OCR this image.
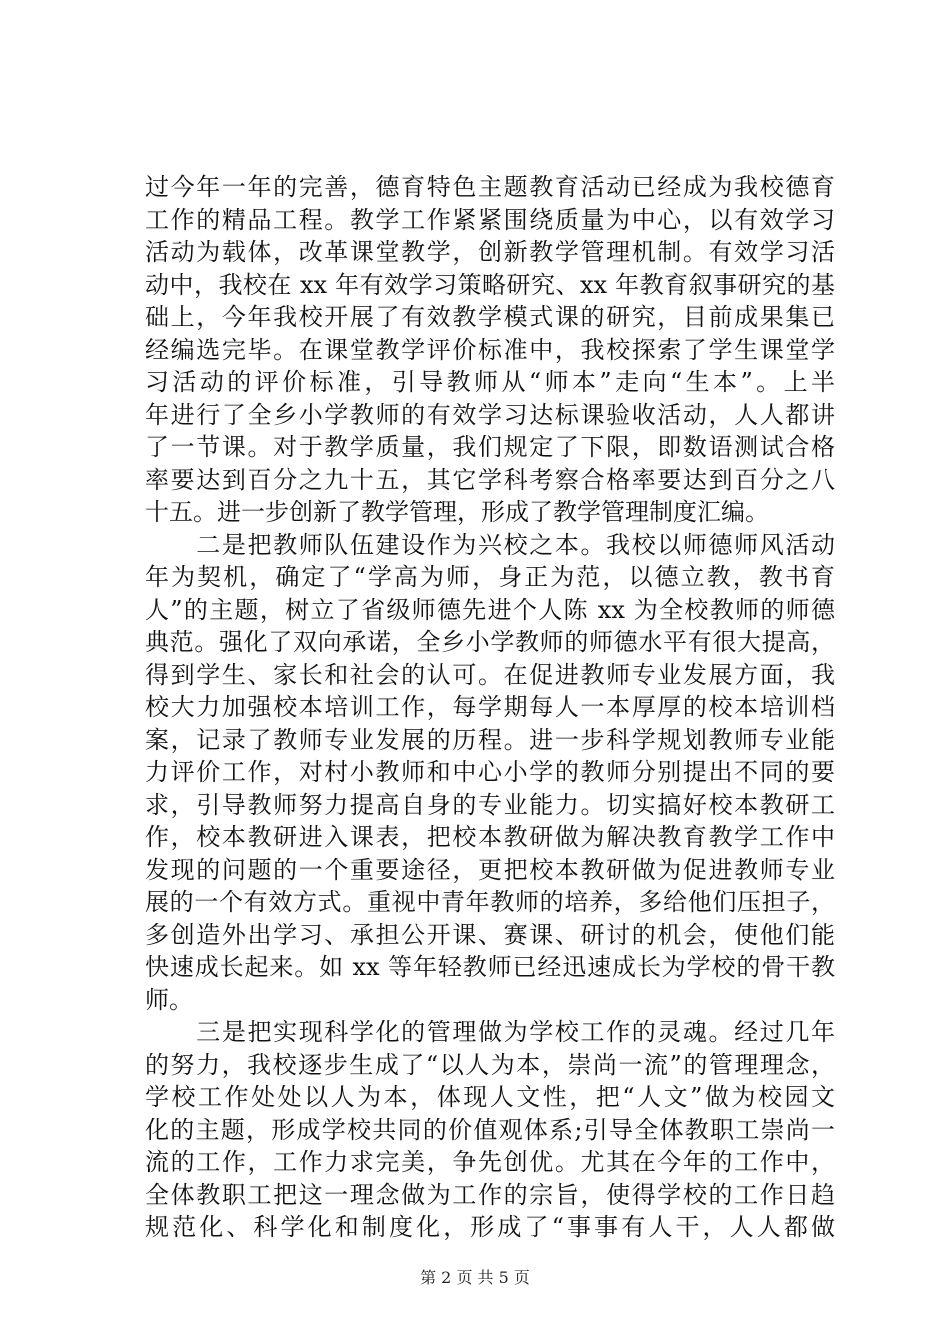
过今年一年的完善，德育特色主题教育活动已经成为我校德育
工作的精品工程。教学工作紧紧围绕质量为中心，以有效学习
活动为载体，改革课堂教学，创新教学管理机制。有效学习活
动中，我校在 xx 年有效学习策略研究、xx 年教育叙事研究的基
础上，今年我校开展了有效教学模式课的研究，目前成果集已
经编选完毕。在课堂教学评价标准中，我校探索了学生课堂学
习活动的评价标准，引导教师从“师本”走向“生本”。上半
年进行了全乡小学教师的有效学习达标课验收活动，人人都讲
了一节课。对于教学质量，我们规定了下限，即数语测试合格
率要达到百分之九十五，其它学科考察合格率要达到百分之八
十五。进一步创新了教学管理，形成了教学管理制度汇编。
　　二是把教师队伍建设作为兴校之本。我校以师德师风活动
年为契机，确定了“学高为师，身正为范，以德立教，教书育
人”的主题，树立了省级师德先进个人陈 xx 为全校教师的师德
典范。强化了双向承诺，全乡小学教师的师德水平有很大提高，
得到学生、家长和社会的认可。在促进教师专业发展方面，我
校大力加强校本培训工作，每学期每人一本厚厚的校本培训档
案，记录了教师专业发展的历程。进一步科学规划教师专业能
力评价工作，对村小教师和中心小学的教师分别提出不同的要
求，引导教师努力提高自身的专业能力。切实搞好校本教研工
作，校本教研进入课表，把校本教研做为解决教育教学工作中
发现的问题的一个重要途径，更把校本教研做为促进教师专业
展的一个有效方式。重视中青年教师的培养，多给他们压担子，
多创造外出学习、承担公开课、赛课、研讨的机会，使他们能
快速成长起来。如 xx 等年轻教师已经迅速成长为学校的骨干教
师。
　　三是把实现科学化的管理做为学校工作的灵魂。经过几年
的努力，我校逐步生成了“以人为本，崇尚一流”的管理理念，
学校工作处处以人为本，体现人文性，把“人文”做为校园文
化的主题，形成学校共同的价值观体系;引导全体教职工崇尚一
流的工作，工作力求完美，争先创优。尤其在今年的工作中，
全体教职工把这一理念做为工作的宗旨，使得学校的工作日趋
规范化、科学化和制度化，形成了“事事有人干，人人都做
第 2 页 共 5 页
